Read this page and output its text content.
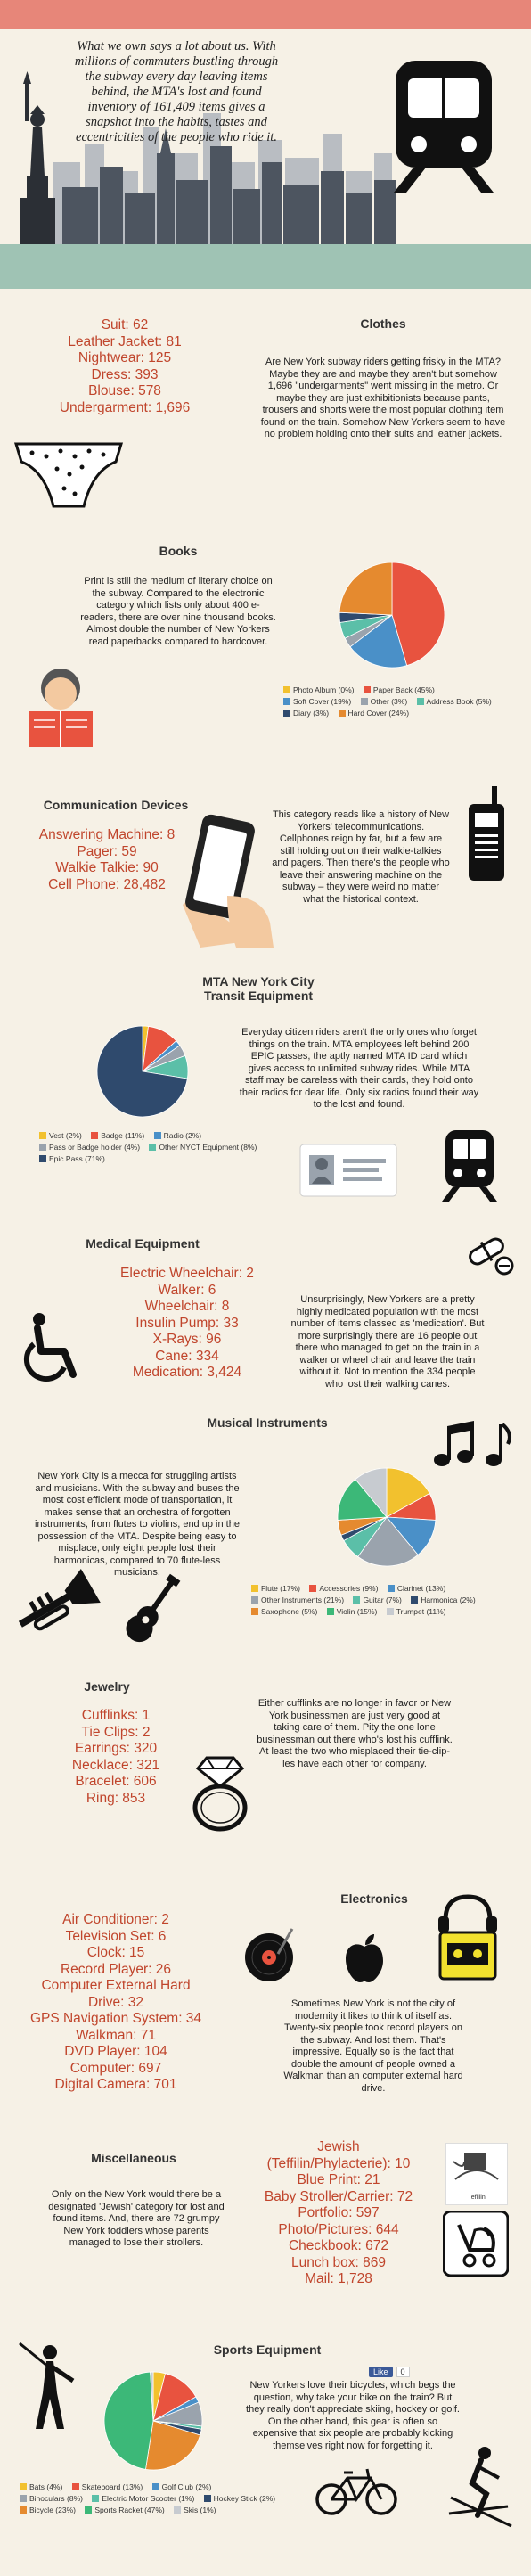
What we own says a lot about us. With millions of commuters bustling through the subway every day leaving items behind, the MTA's lost and found inventory of 161,409 items gives a snapshot into the habits, tastes and eccentricities of the people who ride it.
Suit: 62
Leather Jacket: 81
Nightwear: 125
Dress: 393
Blouse: 578
Undergarment: 1,696
Clothes
Are New York subway riders getting frisky in the MTA? Maybe they are and maybe they aren't but somehow 1,696 "undergarments" went missing in the metro. Or maybe they are just exhibitionists because pants, trousers and shorts were the most popular clothing item found on the train. Somehow New Yorkers seem to have no problem holding onto their suits and leather jackets.
Books
Print is still the medium of literary choice on the subway. Compared to the electronic category which lists only about 400 e-readers, there are over nine thousand books. Almost double the number of New Yorkers read paperbacks compared to hardcover.
Photo Album (0%)	Paper Back (45%) Soft Cover (19%)	Other (3%)	Address Book (5%) Diary (3%)	Hard Cover (24%)
Communication Devices
Answering Machine: 8
Pager: 59
Walkie Talkie: 90
Cell Phone: 28,482
This category reads like a history of New Yorkers' telecommunications. Cellphones reign by far, but a few are still holding out on their walkie-talkies and pagers. Then there's the people who leave their answering machine on the subway – they were weird no matter what the historical context.
MTA New York City
Transit Equipment
Everyday citizen riders aren't the only ones who forget things on the train. MTA employees left behind 200 EPIC passes, the aptly named MTA ID card which gives access to unlimited subway rides. While MTA staff may be careless with their cards, they hold onto their radios for dear life. Only six radios found their way to the lost and found.
Vest (2%)	Badge (11%)	Radio (2%) Pass or Badge holder (4%)	Other NYCT Equipment (8%) Epic Pass (71%)
Medical Equipment
Electric Wheelchair: 2
Walker: 6
Wheelchair: 8
Insulin Pump: 33
X-Rays: 96
Cane: 334
Medication: 3,424
Unsurprisingly, New Yorkers are a pretty highly medicated population with the most number of items classed as 'medication'. But more surprisingly there are 16 people out there who managed to get on the train in a walker or wheel chair and leave the train without it. Not to mention the 334 people who lost their walking canes.
Musical Instruments
New York City is a mecca for struggling artists and musicians. With the subway and buses the most cost efficient mode of transportation, it makes sense that an orchestra of forgotten instruments, from flutes to violins, end up in the possession of the MTA. Despite being easy to misplace, only eight people lost their harmonicas, compared to 70 flute-less musicians.
Flute (17%)	Accessories (9%)	Clarinet (13%) Other Instruments (21%)	Guitar (7%)	Harmonica (2%) Saxophone (5%)	Violin (15%)	Trumpet (11%)
Jewelry
Cufflinks: 1
Tie Clips: 2
Earrings: 320
Necklace: 321
Bracelet: 606
Ring: 853
Either cufflinks are no longer in favor or New York businessmen are just very good at taking care of them. Pity the one lone businessman out there who's lost his cufflink. At least the two who misplaced their tie-clip-les have each other for company.
Electronics
Air Conditioner: 2
Television Set: 6
Clock: 15
Record Player: 26
Computer External Hard
Drive: 32
GPS Navigation System: 34
Walkman: 71
DVD Player: 104
Computer: 697
Digital Camera: 701
Sometimes New York is not the city of modernity it likes to think of itself as. Twenty-six people took record players on the subway. And lost them. That's impressive. Equally so is the fact that double the amount of people owned a Walkman than an computer external hard drive.
Miscellaneous
Only on the New York would there be a designated 'Jewish' category for lost and found items. And, there are 72 grumpy New York toddlers whose parents managed to lose their strollers.
Jewish
(Teffilin/Phylacterie): 10
Blue Print: 21
Baby Stroller/Carrier: 72
Portfolio: 597
Photo/Pictures: 644
Checkbook: 672
Lunch box: 869
Mail: 1,728
Tefillin
Sports Equipment
Like	0
New Yorkers love their bicycles, which begs the question, why take your bike on the train? But they really don't appreciate skiing, hockey or golf. On the other hand, this gear is often so expensive that six people are probably kicking themselves right now for forgetting it.
Bats (4%)	Skateboard (13%)	Golf Club (2%) Binoculars (8%)	Electric Motor Scooter (1%)	Hockey Stick (2%) Bicycle (23%)	Sports Racket (47%)	Skis (1%)
